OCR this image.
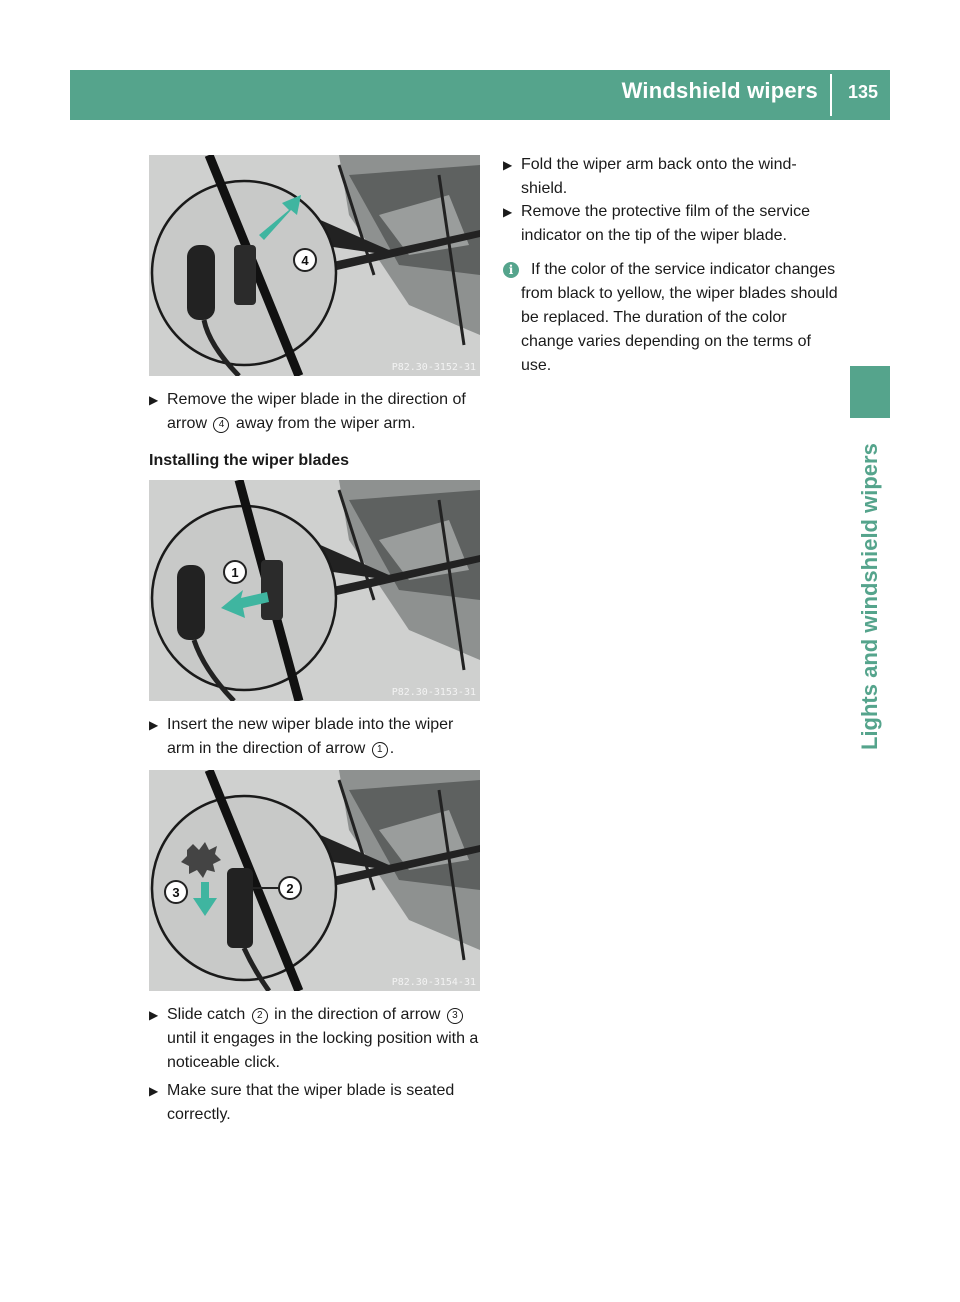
Windshield wipers 135
Lights and windshield wipers
4
P82.30-3152-31
▶ Remove the wiper blade in the direction of arrow 4 away from the wiper arm.
Installing the wiper blades
1
P82.30-3153-31
▶ Insert the new wiper blade into the wiper arm in the direction of arrow 1 .
3	2
P82.30-3154-31
▶ Slide catch 2 in the direction of arrow 3 until it engages in the locking position with a noticeable click.
▶ Make sure that the wiper blade is seated correctly.
▶ Fold the wiper arm back onto the wind- shield.
▶ Remove the protective film of the service indicator on the tip of the wiper blade.
i	If the color of the service indicator changes from black to yellow, the wiper blades should be replaced. The duration of the color change varies depending on the terms of use.
